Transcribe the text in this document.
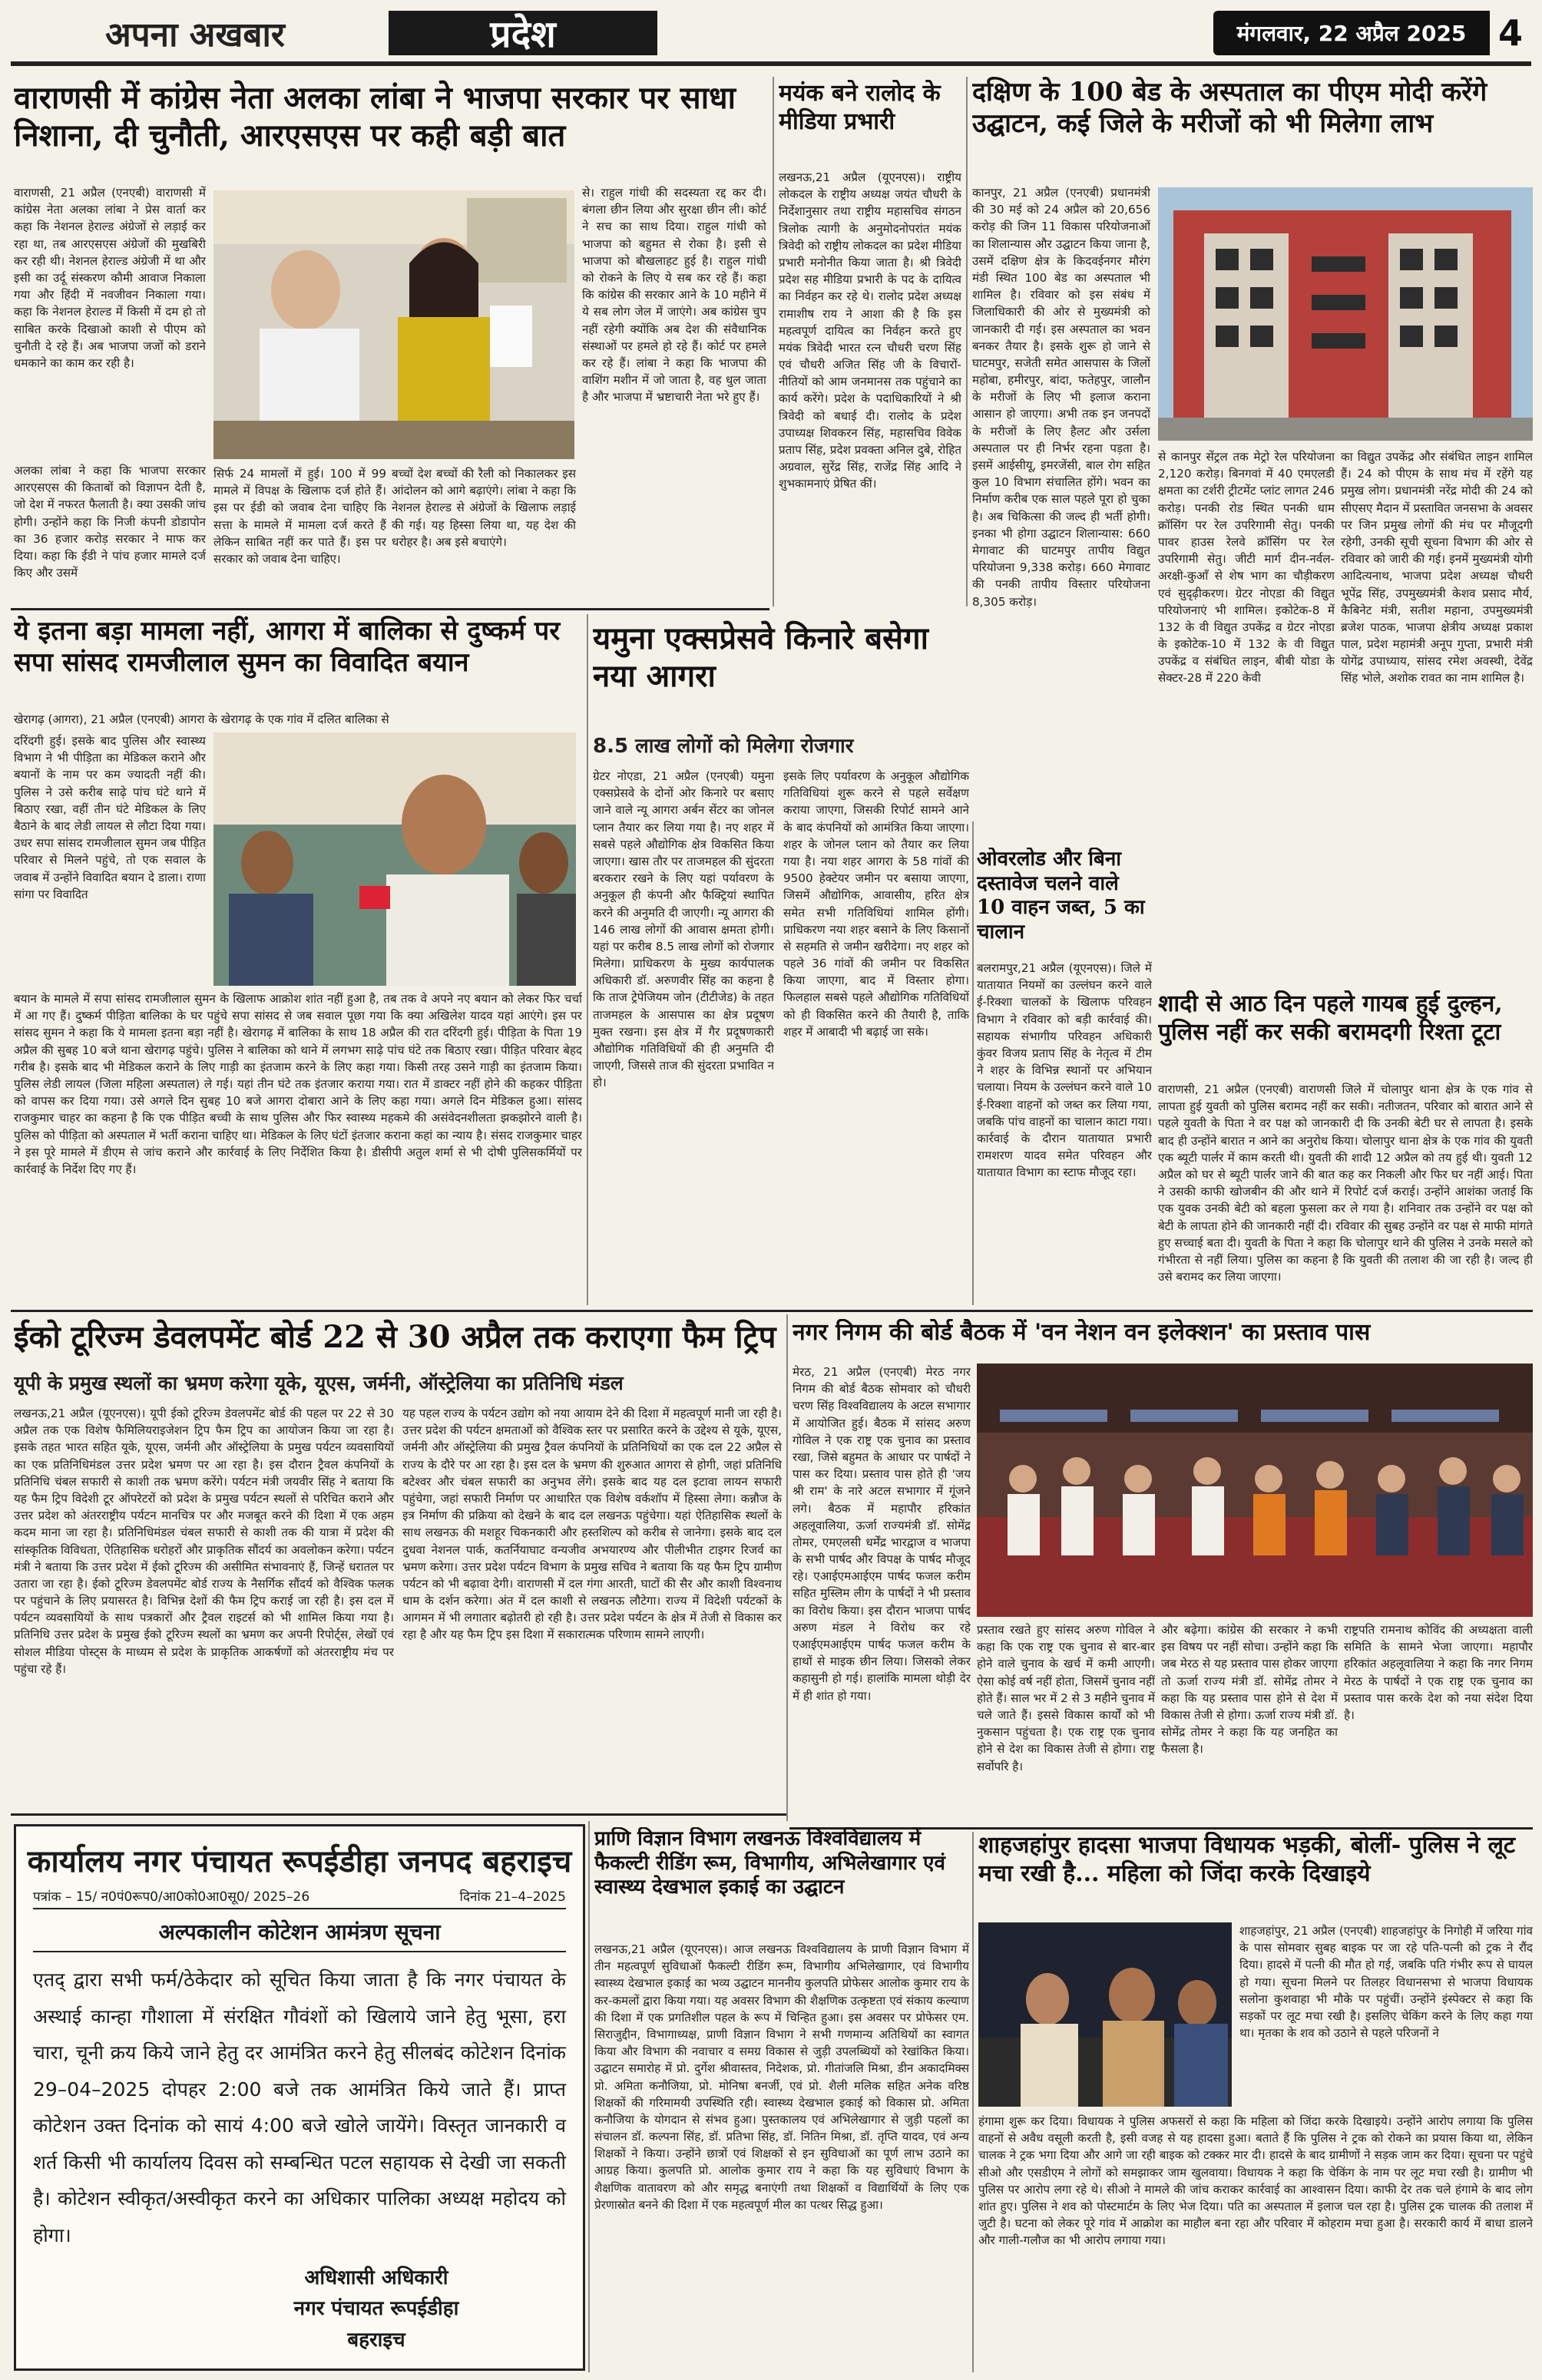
अपना अखबार	प्रदेश	मंगलवार, 22 अप्रैल 2025 4
वाराणसी में कांग्रेस नेता अलका लांबा ने भाजपा सरकार पर साधा निशाना, दी चुनौती, आरएसएस पर कही बड़ी बात
वाराणसी, 21 अप्रैल (एनएबी) वाराणसी में कांग्रेस नेता अलका लांबा ने प्रेस वार्ता कर कहा कि नेशनल हेराल्ड अंग्रेजों से लड़ाई कर रहा था, तब आरएसएस अंग्रेजों की मुखबिरी कर रही थी। नेशनल हेराल्ड अंग्रेजी में था और इसी का उर्दू संस्करण कौमी आवाज निकाला गया और हिंदी में नवजीवन निकाला गया। कहा कि नेशनल हेराल्ड में किसी में दम हो तो साबित करके दिखाओ काशी से पीएम को चुनौती दे रहे हैं। अब भाजपा जजों को डराने धमकाने का काम कर रही है।
अलका लांबा ने कहा कि भाजपा सरकार आरएसएस की किताबों को विज्ञापन देती है, जो देश में नफरत फैलाती है। क्या उसकी जांच होगी। उन्होंने कहा कि निजी कंपनी डोडापोन का 36 हजार करोड़ सरकार ने माफ कर दिया। कहा कि ईडी ने पांच हजार मामले दर्ज किए और उसमें
सिर्फ 24 मामलों में हुई। 100 में 99 मामले में विपक्ष के खिलाफ दर्ज होते हैं। इस पर ईडी को जवाब देना चाहिए कि सत्ता के मामले में मामला दर्ज करते हैं लेकिन साबित नहीं कर पाते हैं। इस पर सरकार को जवाब देना चाहिए।
बच्चों देश बच्चों की रैली को निकालकर इस आंदोलन को आगे बढ़ाएंगे। लांबा ने कहा कि नेशनल हेराल्ड से अंग्रेजों के खिलाफ लड़ाई की गई। यह हिस्सा लिया था, यह देश की धरोहर है। अब इसे बचाएंगे।
से। राहुल गांधी की सदस्यता रद्द कर दी। बंगला छीन लिया और सुरक्षा छीन ली। कोर्ट ने सच का साथ दिया। राहुल गांधी को भाजपा को बहुमत से रोका है। इसी से भाजपा को बौखलाहट हुई है। राहुल गांधी को रोकने के लिए ये सब कर रहे हैं। कहा कि कांग्रेस की सरकार आने के 10 महीने में ये सब लोग जेल में जाएंगे। अब कांग्रेस चुप नहीं रहेगी क्योंकि अब देश की संवैधानिक संस्थाओं पर हमले हो रहे हैं। कोर्ट पर हमले कर रहे हैं। लांबा ने कहा कि भाजपा की वाशिंग मशीन में जो जाता है, वह धुल जाता है और भाजपा में भ्रष्टाचारी नेता भरे हुए हैं।
मयंक बने रालोद के मीडिया प्रभारी
लखनऊ,21 अप्रैल (यूएनएस)। राष्ट्रीय लोकदल के राष्ट्रीय अध्यक्ष जयंत चौधरी के निर्देशानुसार तथा राष्ट्रीय महासचिव संगठन त्रिलोक त्यागी के अनुमोदनोपरांत मयंक त्रिवेदी को राष्ट्रीय लोकदल का प्रदेश मीडिया प्रभारी मनोनीत किया जाता है। श्री त्रिवेदी प्रदेश सह मीडिया प्रभारी के पद के दायित्व का निर्वहन कर रहे थे। रालोद प्रदेश अध्यक्ष रामाशीष राय ने आशा की है कि इस महत्वपूर्ण दायित्व का निर्वहन करते हुए मयंक त्रिवेदी भारत रत्न चौधरी चरण सिंह एवं चौधरी अजित सिंह जी के विचारों-नीतियों को आम जनमानस तक पहुंचाने का कार्य करेंगे। प्रदेश के पदाधिकारियों ने श्री त्रिवेदी को बधाई दी। रालोद के प्रदेश उपाध्यक्ष शिवकरन सिंह, महासचिव विवेक प्रताप सिंह, प्रदेश प्रवक्ता अनिल दुबे, रोहित अग्रवाल, सुरेंद्र सिंह, राजेंद्र सिंह आदि ने शुभकामनाएं प्रेषित कीं।
दक्षिण के 100 बेड के अस्पताल का पीएम मोदी करेंगे उद्घाटन, कई जिले के मरीजों को भी मिलेगा लाभ
कानपुर, 21 अप्रैल (एनएबी) प्रधानमंत्री की 30 मई को 24 अप्रैल को 20,656 करोड़ की जिन 11 विकास परियोजनाओं का शिलान्यास और उद्घाटन किया जाना है, उसमें दक्षिण क्षेत्र के किदवईनगर मौरंग मंडी स्थित 100 बेड का अस्पताल भी शामिल है। रविवार को इस संबंध में जिलाधिकारी की ओर से मुख्यमंत्री को जानकारी दी गई। इस अस्पताल का भवन बनकर तैयार है। इसके शुरू हो जाने से घाटमपुर, सजेती समेत आसपास के जिलों महोबा, हमीरपुर, बांदा, फतेहपुर, जालौन के मरीजों के लिए भी इलाज कराना आसान हो जाएगा। अभी तक इन जनपदों के मरीजों के लिए हैलट और उर्सला अस्पताल पर ही निर्भर रहना पड़ता है। इसमें आईसीयू, इमरजेंसी, बाल रोग सहित कुल 10 विभाग संचालित होंगे। भवन का निर्माण करीब एक साल पहले पूरा हो चुका है। अब चिकित्सा की जल्द ही भर्ती होगी। इनका भी होगा उद्घाटन शिलान्यास: 660 मेगावाट की घाटमपुर तापीय विद्युत परियोजना 9,338 करोड़। 660 मेगावाट की पनकी तापीय विस्तार परियोजना 8,305 करोड़।
से कानपुर सेंट्रल तक मेट्रो रेल परियोजना 2,120 करोड़। बिनगवां में 40 एमएलडी क्षमता का टर्शरी ट्रीटमेंट प्लांट लागत 246 करोड़। पनकी रोड स्थित पनकी धाम क्रॉसिंग पर रेल उपरिगामी सेतु। पनकी पावर हाउस रेलवे क्रॉसिंग पर रेल उपरिगामी सेतु। जीटी मार्ग दीन-नर्वल-अरक्षी-कुआँ से शेष भाग का चौड़ीकरण एवं सुदृढ़ीकरण। ग्रेटर नोएडा की विद्युत परियोजनाएं भी शामिल। इकोटेक-8 में 132 के वी विद्युत उपकेंद्र व ग्रेटर नोएडा के इकोटेक-10 में 132 के वी विद्युत उपकेंद्र व संबंधित लाइन, बीबी योडा के सेक्टर-28 में 220 केवी
का विद्युत उपकेंद्र और संबंधित लाइन शामिल हैं। 24 को पीएम के साथ मंच में रहेंगे यह प्रमुख लोग। प्रधानमंत्री नरेंद्र मोदी की 24 को सीएसए मैदान में प्रस्तावित जनसभा के अवसर पर जिन प्रमुख लोगों की मंच पर मौजूदगी रहेगी, उनकी सूची सूचना विभाग की ओर से रविवार को जारी की गई। इनमें मुख्यमंत्री योगी आदित्यनाथ, भाजपा प्रदेश अध्यक्ष चौधरी भूपेंद्र सिंह, उपमुख्यमंत्री केशव प्रसाद मौर्य, कैबिनेट मंत्री, सतीश महाना, उपमुख्यमंत्री ब्रजेश पाठक, भाजपा क्षेत्रीय अध्यक्ष प्रकाश पाल, प्रदेश महामंत्री अनूप गुप्ता, प्रभारी मंत्री योगेंद्र उपाध्याय, सांसद रमेश अवस्थी, देवेंद्र सिंह भोले, अशोक रावत का नाम शामिल है।
ये इतना बड़ा मामला नहीं, आगरा में बालिका से दुष्कर्म पर सपा सांसद रामजीलाल सुमन का विवादित बयान
खेरागढ़ (आगरा), 21 अप्रैल (एनएबी) आगरा के खेरागढ़ के एक गांव में दलित बालिका से
दरिंदगी हुई। इसके बाद पुलिस और स्वास्थ्य विभाग ने भी पीड़िता का मेडिकल कराने और बयानों के नाम पर कम ज्यादती नहीं की। पुलिस ने उसे करीब साढ़े पांच घंटे थाने में बिठाए रखा, वहीं तीन घंटे मेडिकल के लिए बैठाने के बाद लेडी लायल से लौटा दिया गया। उधर सपा सांसद रामजीलाल सुमन जब पीड़ित परिवार से मिलने पहुंचे, तो एक सवाल के जवाब में उन्होंने विवादित बयान दे डाला। राणा सांगा पर विवादित
बयान के मामले में सपा सांसद रामजीलाल सुमन के खिलाफ आक्रोश शांत नहीं हुआ है, तब तक वे अपने नए बयान को लेकर फिर चर्चा में आ गए हैं। दुष्कर्म पीड़िता बालिका के घर पहुंचे सपा सांसद से जब सवाल पूछा गया कि क्या अखिलेश यादव यहां आएंगे। इस पर सांसद सुमन ने कहा कि ये मामला इतना बड़ा नहीं है। खेरागढ़ में बालिका के साथ 18 अप्रैल की रात दरिंदगी हुई। पीड़िता के पिता 19 अप्रैल की सुबह 10 बजे थाना खेरागढ़ पहुंचे। पुलिस ने बालिका को थाने में लगभग साढ़े पांच घंटे तक बिठाए रखा। पीड़ित परिवार बेहद गरीब है। इसके बाद भी मेडिकल कराने के लिए गाड़ी का इंतजाम करने के लिए कहा गया। किसी तरह उसने गाड़ी का इंतजाम किया। पुलिस लेडी लायल (जिला महिला अस्पताल) ले गई। यहां तीन घंटे तक इंतजार कराया गया। रात में डाक्टर नहीं होने की कहकर पीड़िता को वापस कर दिया गया। उसे अगले दिन सुबह 10 बजे आगरा दोबारा आने के लिए कहा गया। अगले दिन मेडिकल हुआ। सांसद राजकुमार चाहर का कहना है कि एक पीड़ित बच्ची के साथ पुलिस और फिर स्वास्थ्य महकमे की असंवेदनशीलता झकझोरने वाली है। पुलिस को पीड़िता को अस्पताल में भर्ती कराना चाहिए था। मेडिकल के लिए घंटों इंतजार कराना कहां का न्याय है। संसद राजकुमार चाहर ने इस पूरे मामले में डीएम से जांच कराने और कार्रवाई के लिए निर्देशित किया है। डीसीपी अतुल शर्मा से भी दोषी पुलिसकर्मियों पर कार्रवाई के निर्देश दिए गए हैं।
यमुना एक्सप्रेसवे किनारे बसेगा नया आगरा
8.5 लाख लोगों को मिलेगा रोजगार
ग्रेटर नोएडा, 21 अप्रैल (एनएबी) यमुना एक्सप्रेसवे के दोनों ओर किनारे पर बसाए जाने वाले न्यू आगरा अर्बन सेंटर का जोनल प्लान तैयार कर लिया गया है। नए शहर में सबसे पहले औद्योगिक क्षेत्र विकसित किया जाएगा। खास तौर पर ताजमहल की सुंदरता बरकरार रखने के लिए यहां पर्यावरण के अनुकूल ही कंपनी और फैक्ट्रियां स्थापित करने की अनुमति दी जाएगी। न्यू आगरा की 146 लाख लोगों की आवास क्षमता होगी। यहां पर करीब 8.5 लाख लोगों को रोजगार मिलेगा। प्राधिकरण के मुख्य कार्यपालक अधिकारी डॉ. अरुणवीर सिंह का कहना है कि ताज ट्रेपेजियम जोन (टीटीजेड) के तहत ताजमहल के आसपास का क्षेत्र प्रदूषण मुक्त रखना। इस क्षेत्र में गैर प्रदूषणकारी औद्योगिक गतिविधियों की ही अनुमति दी जाएगी, जिससे ताज की सुंदरता प्रभावित न हो।
इसके लिए पर्यावरण के अनुकूल औद्योगिक गतिविधियां शुरू करने से पहले सर्वेक्षण कराया जाएगा, जिसकी रिपोर्ट सामने आने के बाद कंपनियों को आमंत्रित किया जाएगा। शहर के जोनल प्लान को तैयार कर लिया गया है। नया शहर आगरा के 58 गांवों की 9500 हेक्टेयर जमीन पर बसाया जाएगा, जिसमें औद्योगिक, आवासीय, हरित क्षेत्र समेत सभी गतिविधियां शामिल होंगी। प्राधिकरण नया शहर बसाने के लिए किसानों से सहमति से जमीन खरीदेगा। नए शहर को पहले 36 गांवों की जमीन पर विकसित किया जाएगा, बाद में विस्तार होगा। फिलहाल सबसे पहले औद्योगिक गतिविधियों को ही विकसित करने की तैयारी है, ताकि शहर में आबादी भी बढ़ाई जा सके।
ओवरलोड और बिना दस्तावेज चलने वाले 10 वाहन जब्त, 5 का चालान
बलरामपुर,21 अप्रैल (यूएनएस)। जिले में यातायात नियमों का उल्लंघन करने वाले ई-रिक्शा चालकों के खिलाफ परिवहन विभाग ने रविवार को बड़ी कार्रवाई की। सहायक संभागीय परिवहन अधिकारी कुंवर विजय प्रताप सिंह के नेतृत्व में टीम ने शहर के विभिन्न स्थानों पर अभियान चलाया। नियम के उल्लंघन करने वाले 10 ई-रिक्शा वाहनों को जब्त कर लिया गया, जबकि पांच वाहनों का चालान काटा गया। कार्रवाई के दौरान यातायात प्रभारी रामशरण यादव समेत परिवहन और यातायात विभाग का स्टाफ मौजूद रहा।
शादी से आठ दिन पहले गायब हुई दुल्हन, पुलिस नहीं कर सकी बरामदगी रिश्ता टूटा
वाराणसी, 21 अप्रैल (एनएबी) वाराणसी जिले में चोलापुर थाना क्षेत्र के एक गांव से लापता हुई युवती को पुलिस बरामद नहीं कर सकी। नतीजतन, परिवार को बारात आने से पहले युवती के पिता ने वर पक्ष को जानकारी दी कि उनकी बेटी घर से लापता है। इसके बाद ही उन्होंने बारात न आने का अनुरोध किया। चोलापुर थाना क्षेत्र के एक गांव की युवती एक ब्यूटी पार्लर में काम करती थी। युवती की शादी 12 अप्रैल को तय हुई थी। युवती 12 अप्रैल को घर से ब्यूटी पार्लर जाने की बात कह कर निकली और फिर घर नहीं आई। पिता ने उसकी काफी खोजबीन की और थाने में रिपोर्ट दर्ज कराई। उन्होंने आशंका जताई कि एक युवक उनकी बेटी को बहला फुसला कर ले गया है। शनिवार तक उन्होंने वर पक्ष को बेटी के लापता होने की जानकारी नहीं दी। रविवार की सुबह उन्होंने वर पक्ष से माफी मांगते हुए सच्चाई बता दी। युवती के पिता ने कहा कि चोलापुर थाने की पुलिस ने उनके मसले को गंभीरता से नहीं लिया। पुलिस का कहना है कि युवती की तलाश की जा रही है। जल्द ही उसे बरामद कर लिया जाएगा।
ईको टूरिज्म डेवलपमेंट बोर्ड 22 से 30 अप्रैल तक कराएगा फैम ट्रिप
यूपी के प्रमुख स्थलों का भ्रमण करेगा यूके, यूएस, जर्मनी, ऑस्ट्रेलिया का प्रतिनिधि मंडल
लखनऊ,21 अप्रैल (यूएनएस)। यूपी ईको टूरिज्म डेवलपमेंट बोर्ड की पहल पर 22 से 30 अप्रैल तक एक विशेष फैमिलियराइजेशन ट्रिप फैम ट्रिप का आयोजन किया जा रहा है। इसके तहत भारत सहित यूके, यूएस, जर्मनी और ऑस्ट्रेलिया के प्रमुख पर्यटन व्यवसायियों का एक प्रतिनिधिमंडल उत्तर प्रदेश भ्रमण पर आ रहा है। इस दौरान ट्रैवल कंपनियों के प्रतिनिधि चंबल सफारी से काशी तक भ्रमण करेंगे। पर्यटन मंत्री जयवीर सिंह ने बताया कि यह फैम ट्रिप विदेशी टूर ऑपरेटरों को प्रदेश के प्रमुख पर्यटन स्थलों से परिचित कराने और उत्तर प्रदेश को अंतरराष्ट्रीय पर्यटन मानचित्र पर और मजबूत करने की दिशा में एक अहम कदम माना जा रहा है। प्रतिनिधिमंडल चंबल सफारी से काशी तक की यात्रा में प्रदेश की सांस्कृतिक विविधता, ऐतिहासिक धरोहरों और प्राकृतिक सौंदर्य का अवलोकन करेगा। पर्यटन मंत्री ने बताया कि उत्तर प्रदेश में ईको टूरिज्म की असीमित संभावनाएं हैं, जिन्हें धरातल पर उतारा जा रहा है। ईको टूरिज्म डेवलपमेंट बोर्ड राज्य के नैसर्गिक सौंदर्य को वैश्विक फलक पर पहुंचाने के लिए प्रयासरत है। विभिन्न देशों की फैम ट्रिप कराई जा रही है। इस दल में पर्यटन व्यवसायियों के साथ पत्रकारों और ट्रैवल राइटर्स को भी शामिल किया गया है। प्रतिनिधि उत्तर प्रदेश के प्रमुख ईको टूरिज्म स्थलों का भ्रमण कर अपनी रिपोर्ट्स, लेखों एवं सोशल मीडिया पोस्ट्स के माध्यम से प्रदेश के प्राकृतिक आकर्षणों को अंतरराष्ट्रीय मंच पर पहुंचा रहे हैं।
यह पहल राज्य के पर्यटन उद्योग को नया आयाम देने की दिशा में महत्वपूर्ण मानी जा रही है। उत्तर प्रदेश की पर्यटन क्षमताओं को वैश्विक स्तर पर प्रसारित करने के उद्देश्य से यूके, यूएस, जर्मनी और ऑस्ट्रेलिया की प्रमुख ट्रैवल कंपनियों के प्रतिनिधियों का एक दल 22 अप्रैल से राज्य के दौरे पर आ रहा है। इस दल के भ्रमण की शुरुआत आगरा से होगी, जहां प्रतिनिधि बटेश्वर और चंबल सफारी का अनुभव लेंगे। इसके बाद यह दल इटावा लायन सफारी पहुंचेगा, जहां सफारी निर्माण पर आधारित एक विशेष वर्कशॉप में हिस्सा लेगा। कन्नौज के इत्र निर्माण की प्रक्रिया को देखने के बाद दल लखनऊ पहुंचेगा। यहां ऐतिहासिक स्थलों के साथ लखनऊ की मशहूर चिकनकारी और हस्तशिल्प को करीब से जानेगा। इसके बाद दल दुधवा नेशनल पार्क, कतर्नियाघाट वन्यजीव अभयारण्य और पीलीभीत टाइगर रिजर्व का भ्रमण करेगा। उत्तर प्रदेश पर्यटन विभाग के प्रमुख सचिव ने बताया कि यह फैम ट्रिप ग्रामीण पर्यटन को भी बढ़ावा देगी। वाराणसी में दल गंगा आरती, घाटों की सैर और काशी विश्वनाथ धाम के दर्शन करेगा। अंत में दल काशी से लखनऊ लौटेगा। राज्य में विदेशी पर्यटकों के आगमन में भी लगातार बढ़ोतरी हो रही है। उत्तर प्रदेश पर्यटन के क्षेत्र में तेजी से विकास कर रहा है और यह फैम ट्रिप इस दिशा में सकारात्मक परिणाम सामने लाएगी।
नगर निगम की बोर्ड बैठक में 'वन नेशन वन इलेक्शन' का प्रस्ताव पास
मेरठ, 21 अप्रैल (एनएबी) मेरठ नगर निगम की बोर्ड बैठक सोमवार को चौधरी चरण सिंह विश्वविद्यालय के अटल सभागार में आयोजित हुई। बैठक में सांसद अरुण गोविल ने एक राष्ट्र एक चुनाव का प्रस्ताव रखा, जिसे बहुमत के आधार पर पार्षदों ने पास कर दिया। प्रस्ताव पास होते ही 'जय श्री राम' के नारे अटल सभागार में गूंजने लगे। बैठक में महापौर हरिकांत अहलूवालिया, ऊर्जा राज्यमंत्री डॉ. सोमेंद्र तोमर, एमएलसी धर्मेंद्र भारद्वाज व भाजपा के सभी पार्षद और विपक्ष के पार्षद मौजूद रहे। एआईएमआईएम पार्षद फजल करीम सहित मुस्लिम लीग के पार्षदों ने भी प्रस्ताव का विरोध किया। इस दौरान भाजपा पार्षद अरुण मंडल ने विरोध कर रहे एआईएमआईएम पार्षद फजल करीम के हाथों से माइक छीन लिया। जिसको लेकर कहासुनी हो गई। हालांकि मामला थोड़ी देर में ही शांत हो गया।
प्रस्ताव रखते हुए सांसद अरुण गोविल ने कहा कि एक राष्ट्र एक चुनाव से बार-बार होने वाले चुनाव के खर्च में कमी आएगी। ऐसा कोई वर्ष नहीं होता, जिसमें चुनाव नहीं होते हैं। साल भर में 2 से 3 महीने चुनाव में चले जाते हैं। इससे विकास कार्यों को भी नुकसान पहुंचता है। एक राष्ट्र एक चुनाव होने से देश का विकास तेजी से होगा। राष्ट्र सर्वोपरि है।
और बढ़ेगा। कांग्रेस की सरकार ने कभी इस विषय पर नहीं सोचा। उन्होंने कहा कि जब मेरठ से यह प्रस्ताव पास होकर जाएगा तो ऊर्जा राज्य मंत्री डॉ. सोमेंद्र तोमर ने कहा कि यह प्रस्ताव पास होने से देश में विकास तेजी से होगा। ऊर्जा राज्य मंत्री डॉ. सोमेंद्र तोमर ने कहा कि यह जनहित का फैसला है।
राष्ट्रपति रामनाथ कोविंद की अध्यक्षता वाली समिति के सामने भेजा जाएगा। महापौर हरिकांत अहलूवालिया ने कहा कि नगर निगम मेरठ के पार्षदों ने एक राष्ट्र एक चुनाव का प्रस्ताव पास करके देश को नया संदेश दिया है।
कार्यालय नगर पंचायत रूपईडीहा जनपद बहराइच
पत्रांक – 15/ न0पं0रूप0/आ0को0आ0सू0/ 2025–26	दिनांक 21–4–2025
अल्पकालीन कोटेशन आमंत्रण सूचना
एतद् द्वारा सभी फर्म/ठेकेदार को सूचित किया जाता है कि नगर पंचायत के अस्थाई कान्हा गौशाला में संरक्षित गौवंशों को खिलाये जाने हेतु भूसा, हरा चारा, चूनी क्रय किये जाने हेतु दर आमंत्रित करने हेतु सीलबंद कोटेशन दिनांक 29–04–2025 दोपहर 2:00 बजे तक आमंत्रित किये जाते हैं। प्राप्त कोटेशन उक्त दिनांक को सायं 4:00 बजे खोले जायेंगे। विस्तृत जानकारी व शर्त किसी भी कार्यालय दिवस को सम्बन्धित पटल सहायक से देखी जा सकती है। कोटेशन स्वीकृत/अस्वीकृत करने का अधिकार पालिका अध्यक्ष महोदय को होगा।
अधिशासी अधिकारी
नगर पंचायत रूपईडीहा
बहराइच
प्राणि विज्ञान विभाग लखनऊ विश्वविद्यालय में फैकल्टी रीडिंग रूम, विभागीय, अभिलेखागार एवं स्वास्थ्य देखभाल इकाई का उद्घाटन
लखनऊ,21 अप्रैल (यूएनएस)। आज लखनऊ विश्वविद्यालय के प्राणी विज्ञान विभाग में तीन महत्वपूर्ण सुविधाओं फैकल्टी रीडिंग रूम, विभागीय अभिलेखागार, एवं विभागीय स्वास्थ्य देखभाल इकाई का भव्य उद्घाटन माननीय कुलपति प्रोफेसर आलोक कुमार राय के कर-कमलों द्वारा किया गया। यह अवसर विभाग की शैक्षणिक उत्कृष्टता एवं संकाय कल्याण की दिशा में एक प्रगतिशील पहल के रूप में चिन्हित हुआ। इस अवसर पर प्रोफेसर एम. सिराजुद्दीन, विभागाध्यक्ष, प्राणी विज्ञान विभाग ने सभी गणमान्य अतिथियों का स्वागत किया और विभाग की नवाचार व समग्र विकास से जुड़ी उपलब्धियों को रेखांकित किया। उद्घाटन समारोह में प्रो. दुर्गेश श्रीवास्तव, निदेशक, प्रो. गीतांजलि मिश्रा, डीन अकादमिक्स प्रो. अमिता कनौजिया, प्रो. मोनिषा बनर्जी, एवं प्रो. शैली मलिक सहित अनेक वरिष्ठ शिक्षकों की गरिमामयी उपस्थिति रही। स्वास्थ्य देखभाल इकाई को विकास प्रो. अमिता कनौजिया के योगदान से संभव हुआ। पुस्तकालय एवं अभिलेखागार से जुड़ी पहलों का संचालन डॉ. कल्पना सिंह, डॉ. प्रतिभा सिंह, डॉ. नितिन मिश्रा, डॉ. तृप्ति यादव, एवं अन्य शिक्षकों ने किया। उन्होंने छात्रों एवं शिक्षकों से इन सुविधाओं का पूर्ण लाभ उठाने का आग्रह किया। कुलपति प्रो. आलोक कुमार राय ने कहा कि यह सुविधाएं विभाग के शैक्षणिक वातावरण को और समृद्ध बनाएंगी तथा शिक्षकों व विद्यार्थियों के लिए एक प्रेरणास्रोत बनने की दिशा में एक महत्वपूर्ण मील का पत्थर सिद्ध हुआ।
शाहजहांपुर हादसा भाजपा विधायक भड़की, बोलीं- पुलिस ने लूट मचा रखी है... महिला को जिंदा करके दिखाइये
शाहजहांपुर, 21 अप्रैल (एनएबी) शाहजहांपुर के निगोही में जरिया गांव के पास सोमवार सुबह बाइक पर जा रहे पति-पत्नी को ट्रक ने रौंद दिया। हादसे में पत्नी की मौत हो गई, जबकि पति गंभीर रूप से घायल हो गया। सूचना मिलने पर तिलहर विधानसभा से भाजपा विधायक सलोना कुशवाहा भी मौके पर पहुंचीं। उन्होंने इंस्पेक्टर से कहा कि सड़कों पर लूट मचा रखी है। इसलिए चेकिंग करने के लिए कहा गया था। मृतका के शव को उठाने से पहले परिजनों ने
हंगामा शुरू कर दिया। विधायक ने पुलिस अफसरों से कहा कि महिला को जिंदा करके दिखाइये। उन्होंने आरोप लगाया कि पुलिस वाहनों से अवैध वसूली करती है, इसी वजह से यह हादसा हुआ। बताते हैं कि पुलिस ने ट्रक को रोकने का प्रयास किया था, लेकिन चालक ने ट्रक भगा दिया और आगे जा रही बाइक को टक्कर मार दी। हादसे के बाद ग्रामीणों ने सड़क जाम कर दिया। सूचना पर पहुंचे सीओ और एसडीएम ने लोगों को समझाकर जाम खुलवाया। विधायक ने कहा कि चेकिंग के नाम पर लूट मचा रखी है। ग्रामीण भी पुलिस पर आरोप लगा रहे थे। सीओ ने मामले की जांच कराकर कार्रवाई का आश्वासन दिया। काफी देर तक चले हंगामे के बाद लोग शांत हुए। पुलिस ने शव को पोस्टमार्टम के लिए भेज दिया। पति का अस्पताल में इलाज चल रहा है। पुलिस ट्रक चालक की तलाश में जुटी है। घटना को लेकर पूरे गांव में आक्रोश का माहौल बना रहा और परिवार में कोहराम मचा हुआ है। सरकारी कार्य में बाधा डालने और गाली-गलौज का भी आरोप लगाया गया।
